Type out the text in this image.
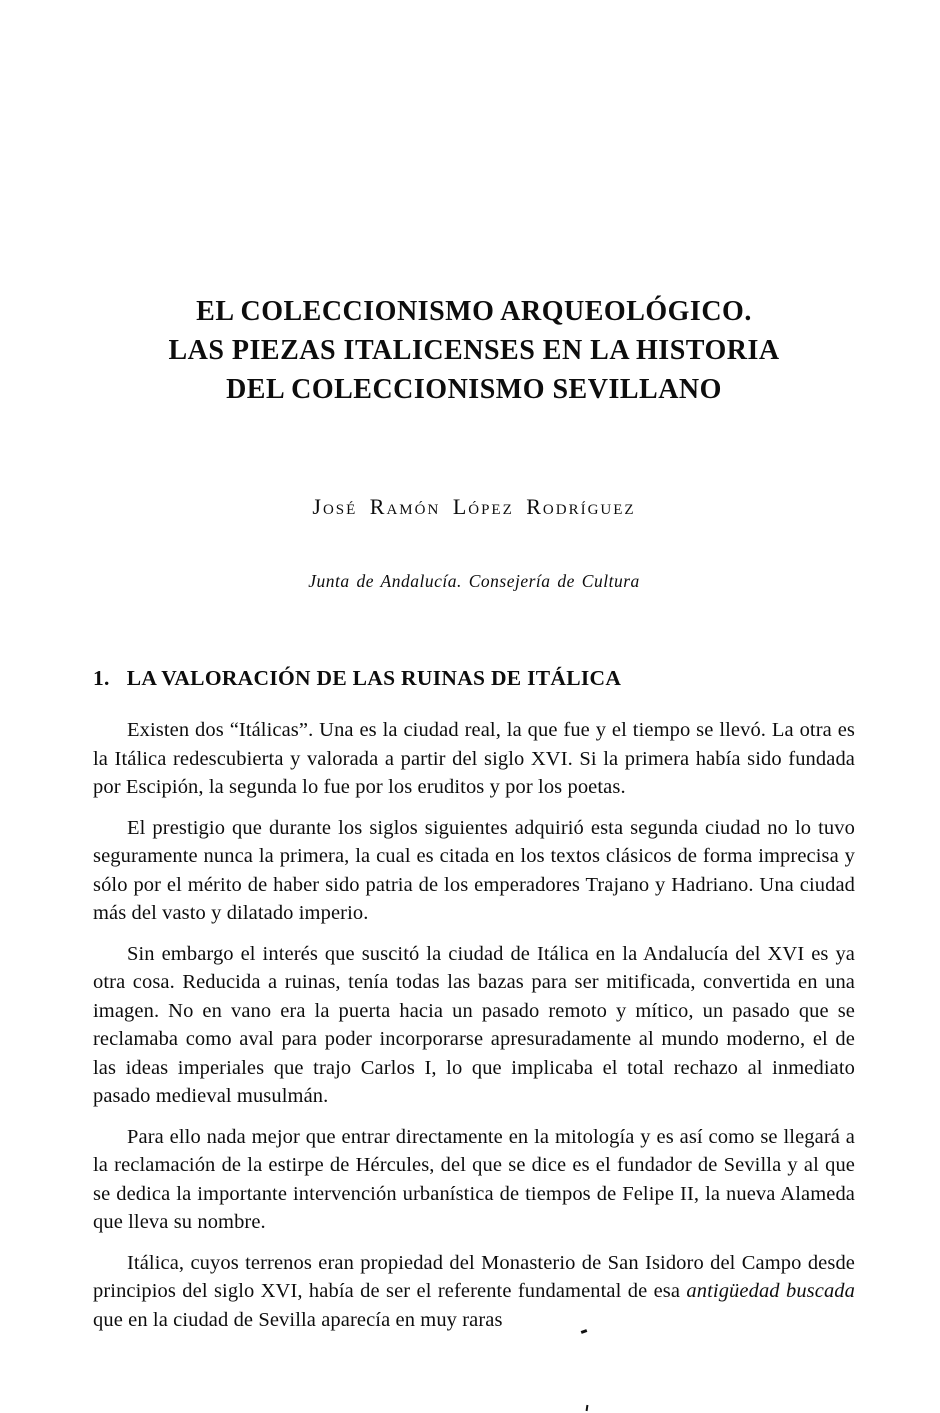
EL COLECCIONISMO ARQUEOLÓGICO.
LAS PIEZAS ITALICENSES EN LA HISTORIA
DEL COLECCIONISMO SEVILLANO
José Ramón López Rodríguez
Junta de Andalucía. Consejería de Cultura
1. LA VALORACIÓN DE LAS RUINAS DE ITÁLICA

Existen dos “Itálicas”. Una es la ciudad real, la que fue y el tiempo se llevó. La otra es la Itálica redescubierta y valorada a partir del siglo XVI. Si la primera había sido fundada por Escipión, la segunda lo fue por los eruditos y por los poetas.

El prestigio que durante los siglos siguientes adquirió esta segunda ciudad no lo tuvo seguramente nunca la primera, la cual es citada en los textos clásicos de forma imprecisa y sólo por el mérito de haber sido patria de los emperadores Trajano y Hadriano. Una ciudad más del vasto y dilatado imperio.

Sin embargo el interés que suscitó la ciudad de Itálica en la Andalucía del XVI es ya otra cosa. Reducida a ruinas, tenía todas las bazas para ser mitificada, convertida en una imagen. No en vano era la puerta hacia un pasado remoto y mítico, un pasado que se reclamaba como aval para poder incorporarse apresuradamente al mundo moderno, el de las ideas imperiales que trajo Carlos I, lo que implicaba el total rechazo al inmediato pasado medieval musulmán.

Para ello nada mejor que entrar directamente en la mitología y es así como se llegará a la reclamación de la estirpe de Hércules, del que se dice es el fundador de Sevilla y al que se dedica la importante intervención urbanística de tiempos de Felipe II, la nueva Alameda que lleva su nombre.

Itálica, cuyos terrenos eran propiedad del Monasterio de San Isidoro del Campo desde principios del siglo XVI, había de ser el referente fundamental de esa antigüedad buscada que en la ciudad de Sevilla aparecía en muy raras
